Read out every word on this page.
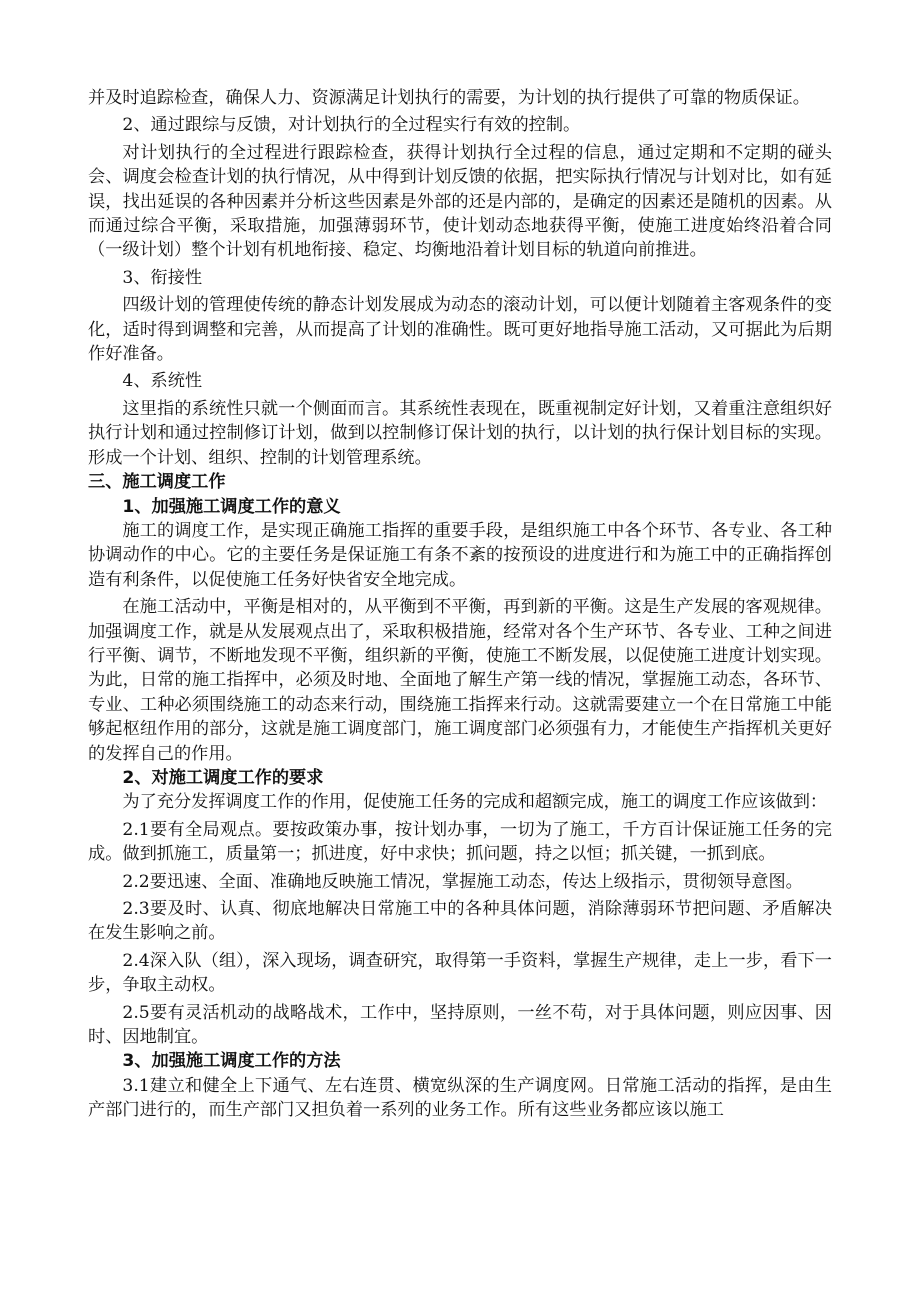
并及时追踪检查，确保人力、资源满足计划执行的需要，为计划的执行提供了可靠的物质保证。

2、通过跟综与反馈，对计划执行的全过程实行有效的控制。

对计划执行的全过程进行跟踪检查，获得计划执行全过程的信息，通过定期和不定期的碰头会、调度会检查计划的执行情况，从中得到计划反馈的依据，把实际执行情况与计划对比，如有延误，找出延误的各种因素并分析这些因素是外部的还是内部的，是确定的因素还是随机的因素。从而通过综合平衡，采取措施，加强薄弱环节，使计划动态地获得平衡，使施工进度始终沿着合同（一级计划）整个计划有机地衔接、稳定、均衡地沿着计划目标的轨道向前推进。

3、衔接性

四级计划的管理使传统的静态计划发展成为动态的滚动计划，可以便计划随着主客观条件的变化，适时得到调整和完善，从而提高了计划的准确性。既可更好地指导施工活动，又可据此为后期作好准备。

4、系统性

这里指的系统性只就一个侧面而言。其系统性表现在，既重视制定好计划，又着重注意组织好执行计划和通过控制修订计划，做到以控制修订保计划的执行，以计划的执行保计划目标的实现。形成一个计划、组织、控制的计划管理系统。

三、施工调度工作

1、加强施工调度工作的意义

施工的调度工作，是实现正确施工指挥的重要手段，是组织施工中各个环节、各专业、各工种协调动作的中心。它的主要任务是保证施工有条不紊的按预设的进度进行和为施工中的正确指挥创造有利条件，以促使施工任务好快省安全地完成。

在施工活动中，平衡是相对的，从平衡到不平衡，再到新的平衡。这是生产发展的客观规律。加强调度工作，就是从发展观点出了，采取积极措施，经常对各个生产环节、各专业、工种之间进行平衡、调节，不断地发现不平衡，组织新的平衡，使施工不断发展，以促使施工进度计划实现。为此，日常的施工指挥中，必须及时地、全面地了解生产第一线的情况，掌握施工动态，各环节、专业、工种必须围绕施工的动态来行动，围绕施工指挥来行动。这就需要建立一个在日常施工中能够起枢纽作用的部分，这就是施工调度部门，施工调度部门必须强有力，才能使生产指挥机关更好的发挥自己的作用。

2、对施工调度工作的要求

为了充分发挥调度工作的作用，促使施工任务的完成和超额完成，施工的调度工作应该做到：

2.1要有全局观点。要按政策办事，按计划办事，一切为了施工，千方百计保证施工任务的完成。做到抓施工，质量第一；抓进度，好中求快；抓问题，持之以恒；抓关键，一抓到底。

2.2要迅速、全面、准确地反映施工情况，掌握施工动态，传达上级指示，贯彻领导意图。

2.3要及时、认真、彻底地解决日常施工中的各种具体问题，消除薄弱环节把问题、矛盾解决在发生影响之前。

2.4深入队（组），深入现场，调查研究，取得第一手资料，掌握生产规律，走上一步，看下一步，争取主动权。

2.5要有灵活机动的战略战术，工作中，坚持原则，一丝不苟，对于具体问题，则应因事、因时、因地制宜。

3、加强施工调度工作的方法

3.1建立和健全上下通气、左右连贯、横宽纵深的生产调度网。日常施工活动的指挥，是由生产部门进行的，而生产部门又担负着一系列的业务工作。所有这些业务都应该以施工
